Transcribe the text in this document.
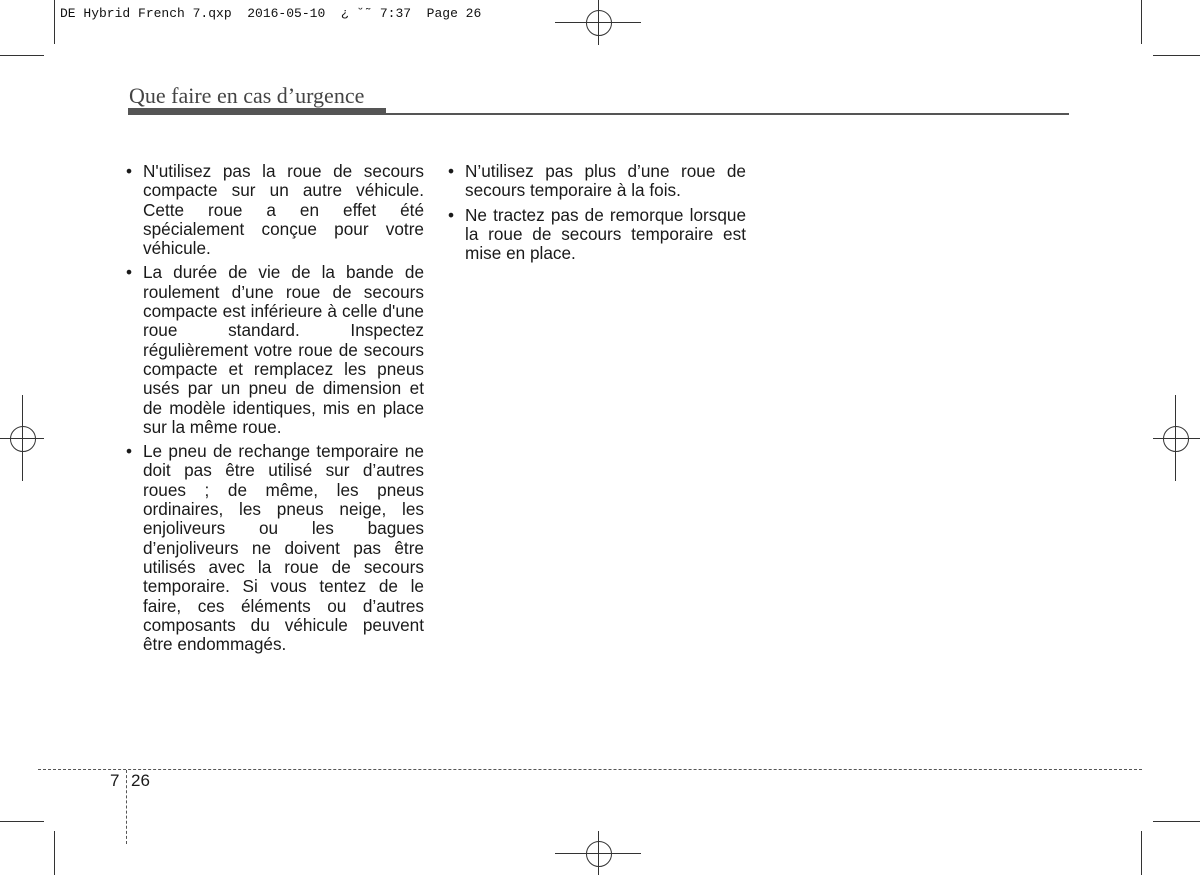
DE Hybrid French 7.qxp  2016-05-10  ¿ ˘˜ 7:37  Page 26
Que faire en cas d’urgence
• N'utilisez pas la roue de secours compacte sur un autre véhicule. Cette roue a en effet été spécialement conçue pour votre véhicule.
• La durée de vie de la bande de roulement d’une roue de secours compacte est inférieure à celle d'une roue standard. Inspectez régulièrement votre roue de secours compacte et remplacez les pneus usés par un pneu de dimension et de modèle identiques, mis en place sur la même roue.
• Le pneu de rechange temporaire ne doit pas être utilisé sur d’autres roues ; de même, les pneus ordinaires, les pneus neige, les enjoliveurs ou les bagues d’enjoliveurs ne doivent pas être utilisés avec la roue de secours temporaire. Si vous tentez de le faire, ces éléments ou d’autres composants du véhicule peuvent être endommagés.
• N’utilisez pas plus d’une roue de secours temporaire à la fois.
• Ne tractez pas de remorque lorsque la roue de secours temporaire est mise en place.
7 26
